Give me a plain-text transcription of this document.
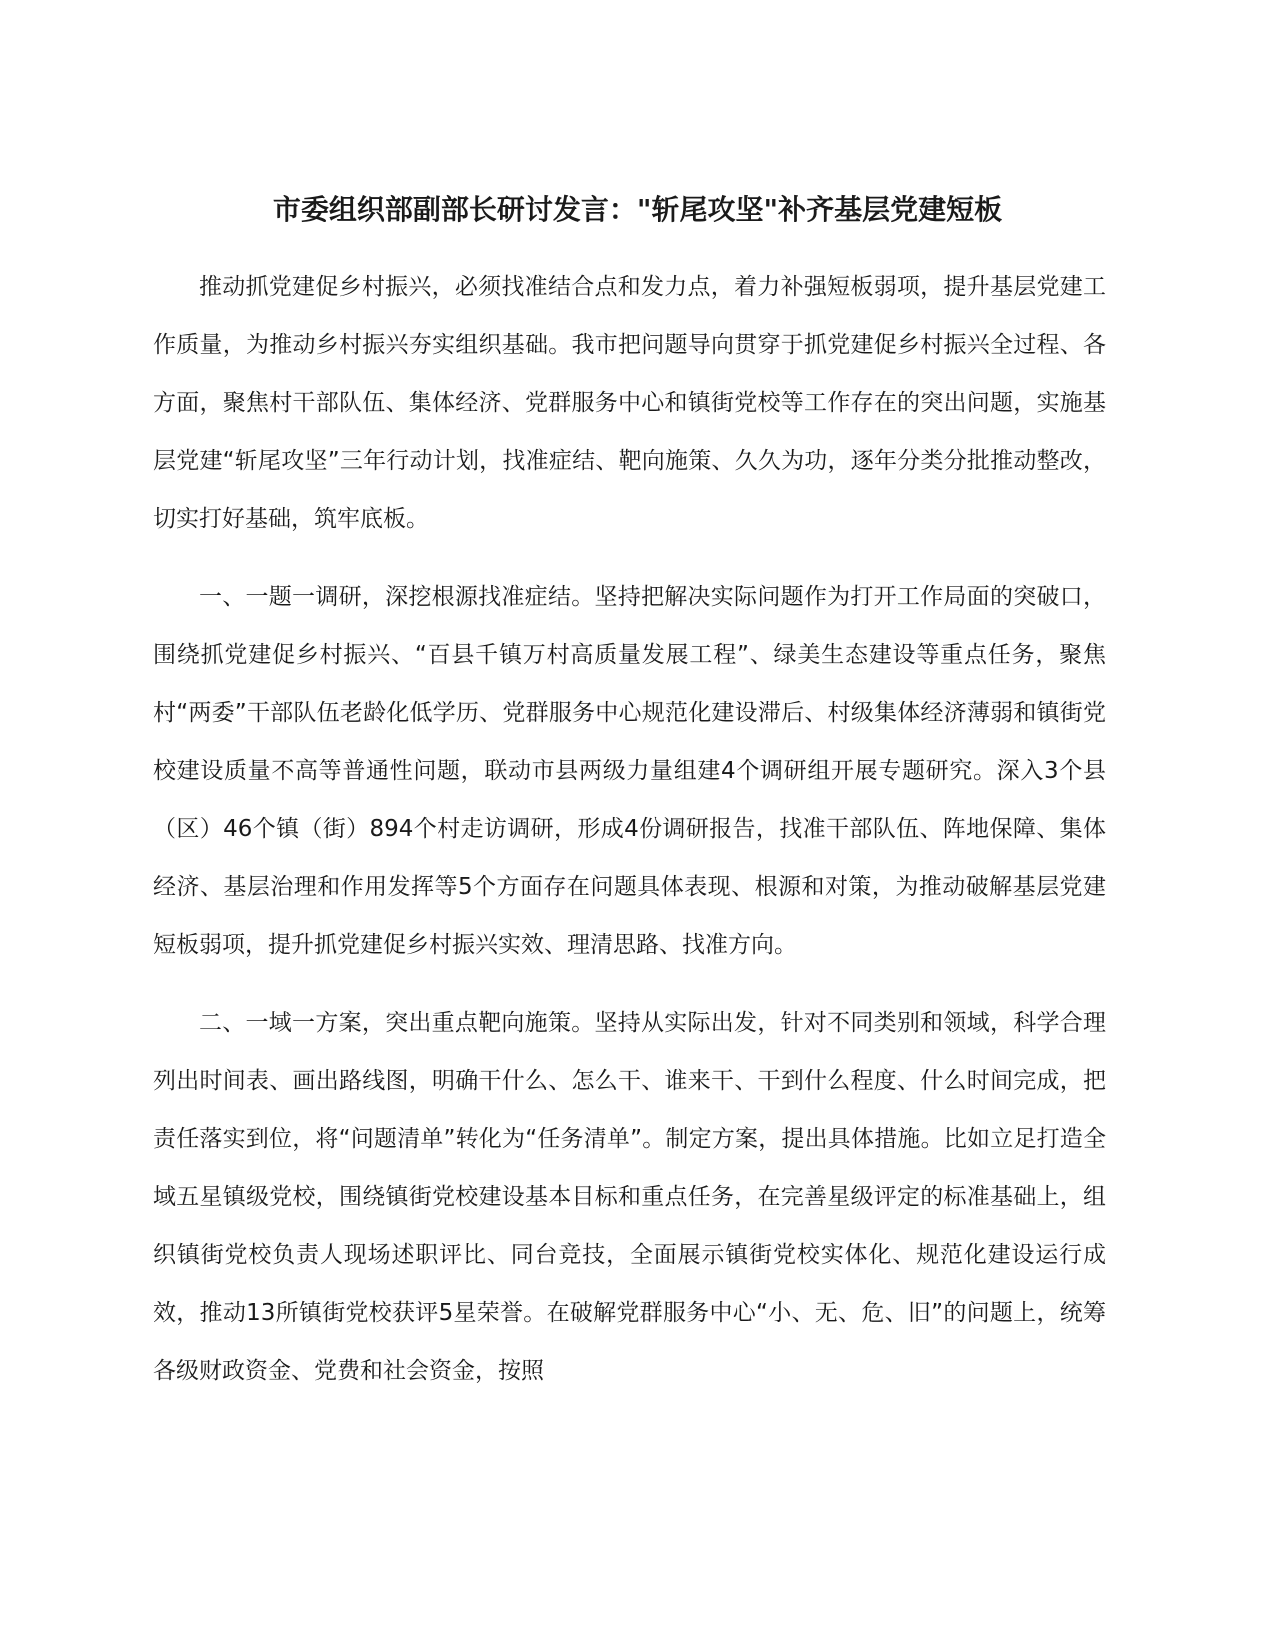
市委组织部副部长研讨发言："斩尾攻坚"补齐基层党建短板

推动抓党建促乡村振兴，必须找准结合点和发力点，着力补强短板弱项，提升基层党建工作质量，为推动乡村振兴夯实组织基础。我市把问题导向贯穿于抓党建促乡村振兴全过程、各方面，聚焦村干部队伍、集体经济、党群服务中心和镇街党校等工作存在的突出问题，实施基层党建“斩尾攻坚”三年行动计划，找准症结、靶向施策、久久为功，逐年分类分批推动整改，切实打好基础，筑牢底板。

一、一题一调研，深挖根源找准症结。坚持把解决实际问题作为打开工作局面的突破口，围绕抓党建促乡村振兴、“百县千镇万村高质量发展工程”、绿美生态建设等重点任务，聚焦村“两委”干部队伍老龄化低学历、党群服务中心规范化建设滞后、村级集体经济薄弱和镇街党校建设质量不高等普通性问题，联动市县两级力量组建4个调研组开展专题研究。深入3个县（区）46个镇（街）894个村走访调研，形成4份调研报告，找准干部队伍、阵地保障、集体经济、基层治理和作用发挥等5个方面存在问题具体表现、根源和对策，为推动破解基层党建短板弱项，提升抓党建促乡村振兴实效、理清思路、找准方向。

二、一域一方案，突出重点靶向施策。坚持从实际出发，针对不同类别和领域，科学合理列出时间表、画出路线图，明确干什么、怎么干、谁来干、干到什么程度、什么时间完成，把责任落实到位，将“问题清单”转化为“任务清单”。制定方案，提出具体措施。比如立足打造全域五星镇级党校，围绕镇街党校建设基本目标和重点任务，在完善星级评定的标准基础上，组织镇街党校负责人现场述职评比、同台竞技，全面展示镇街党校实体化、规范化建设运行成效，推动13所镇街党校获评5星荣誉。在破解党群服务中心“小、无、危、旧”的问题上，统筹各级财政资金、党费和社会资金，按照
